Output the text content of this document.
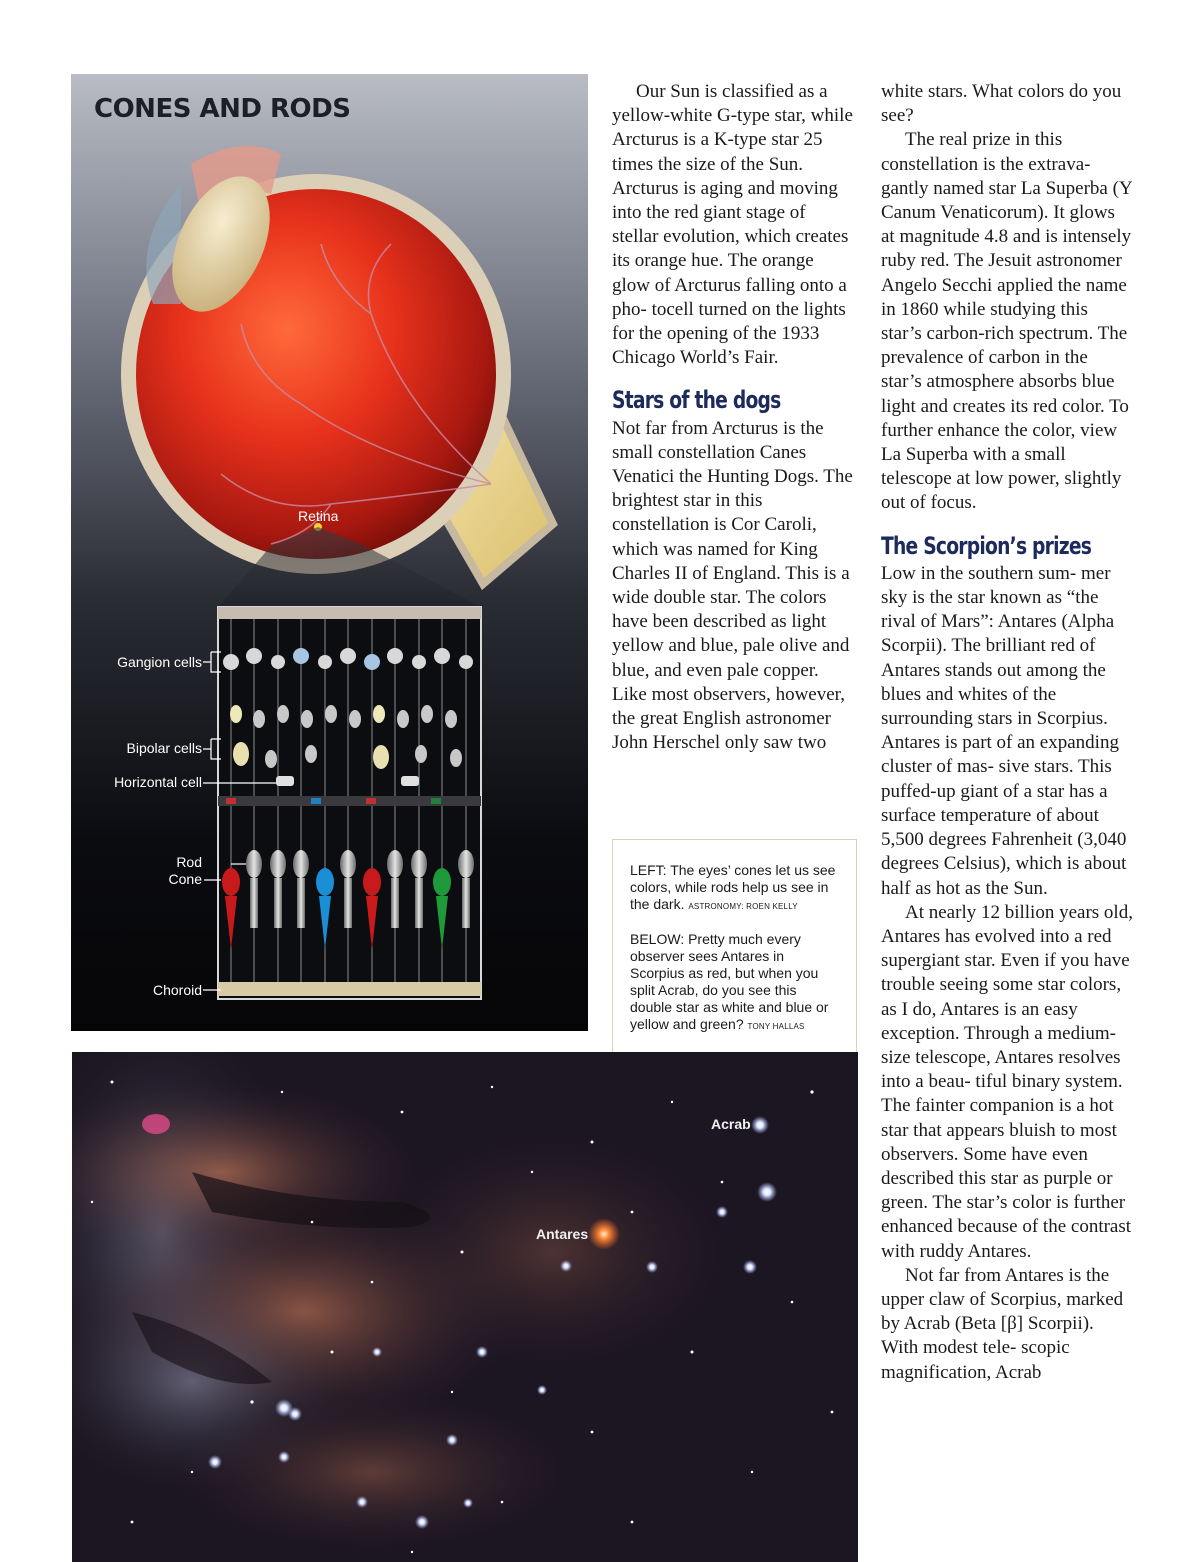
CONES AND RODS
Retina
Gangion cells
Bipolar cells
Horizontal cell
Rod
Cone
Choroid

Our Sun is classified as a yellow-white G-type star, while Arcturus is a K-type star 25 times the size of the Sun. Arcturus is aging and moving into the red giant stage of stellar evolution, which creates its orange hue. The orange glow of Arcturus falling onto a pho- tocell turned on the lights for the opening of the 1933 Chicago World’s Fair.

Stars of the dogs

Not far from Arcturus is the small constellation Canes Venatici the Hunting Dogs. The brightest star in this constellation is Cor Caroli, which was named for King Charles II of England. This is a wide double star. The colors have been described as light yellow and blue, pale olive and blue, and even pale copper. Like most observers, however, the great English astronomer John Herschel only saw two

LEFT: The eyes’ cones let us see colors, while rods help us see in the dark. ASTRONOMY: ROEN KELLY

BELOW: Pretty much every observer sees Antares in Scorpius as red, but when you split Acrab, do you see this double star as white and blue or yellow and green? TONY HALLAS

white stars. What colors do you see?

The real prize in this constellation is the extrava- gantly named star La Superba (Y Canum Venaticorum). It glows at magnitude 4.8 and is intensely ruby red. The Jesuit astronomer Angelo Secchi applied the name in 1860 while studying this star’s carbon-rich spectrum. The prevalence of carbon in the star’s atmosphere absorbs blue light and creates its red color. To further enhance the color, view La Superba with a small telescope at low power, slightly out of focus.

The Scorpion’s prizes

Low in the southern sum- mer sky is the star known as “the rival of Mars”: Antares (Alpha Scorpii). The brilliant red of Antares stands out among the blues and whites of the surrounding stars in Scorpius. Antares is part of an expanding cluster of mas- sive stars. This puffed-up giant of a star has a surface temperature of about 5,500 degrees Fahrenheit (3,040 degrees Celsius), which is about half as hot as the Sun.

At nearly 12 billion years old, Antares has evolved into a red supergiant star. Even if you have trouble seeing some star colors, as I do, Antares is an easy exception. Through a medium-size telescope, Antares resolves into a beau- tiful binary system. The fainter companion is a hot star that appears bluish to most observers. Some have even described this star as purple or green. The star’s color is further enhanced because of the contrast with ruddy Antares.

Not far from Antares is the upper claw of Scorpius, marked by Acrab (Beta [β] Scorpii). With modest tele- scopic magnification, Acrab

Acrab
Antares
